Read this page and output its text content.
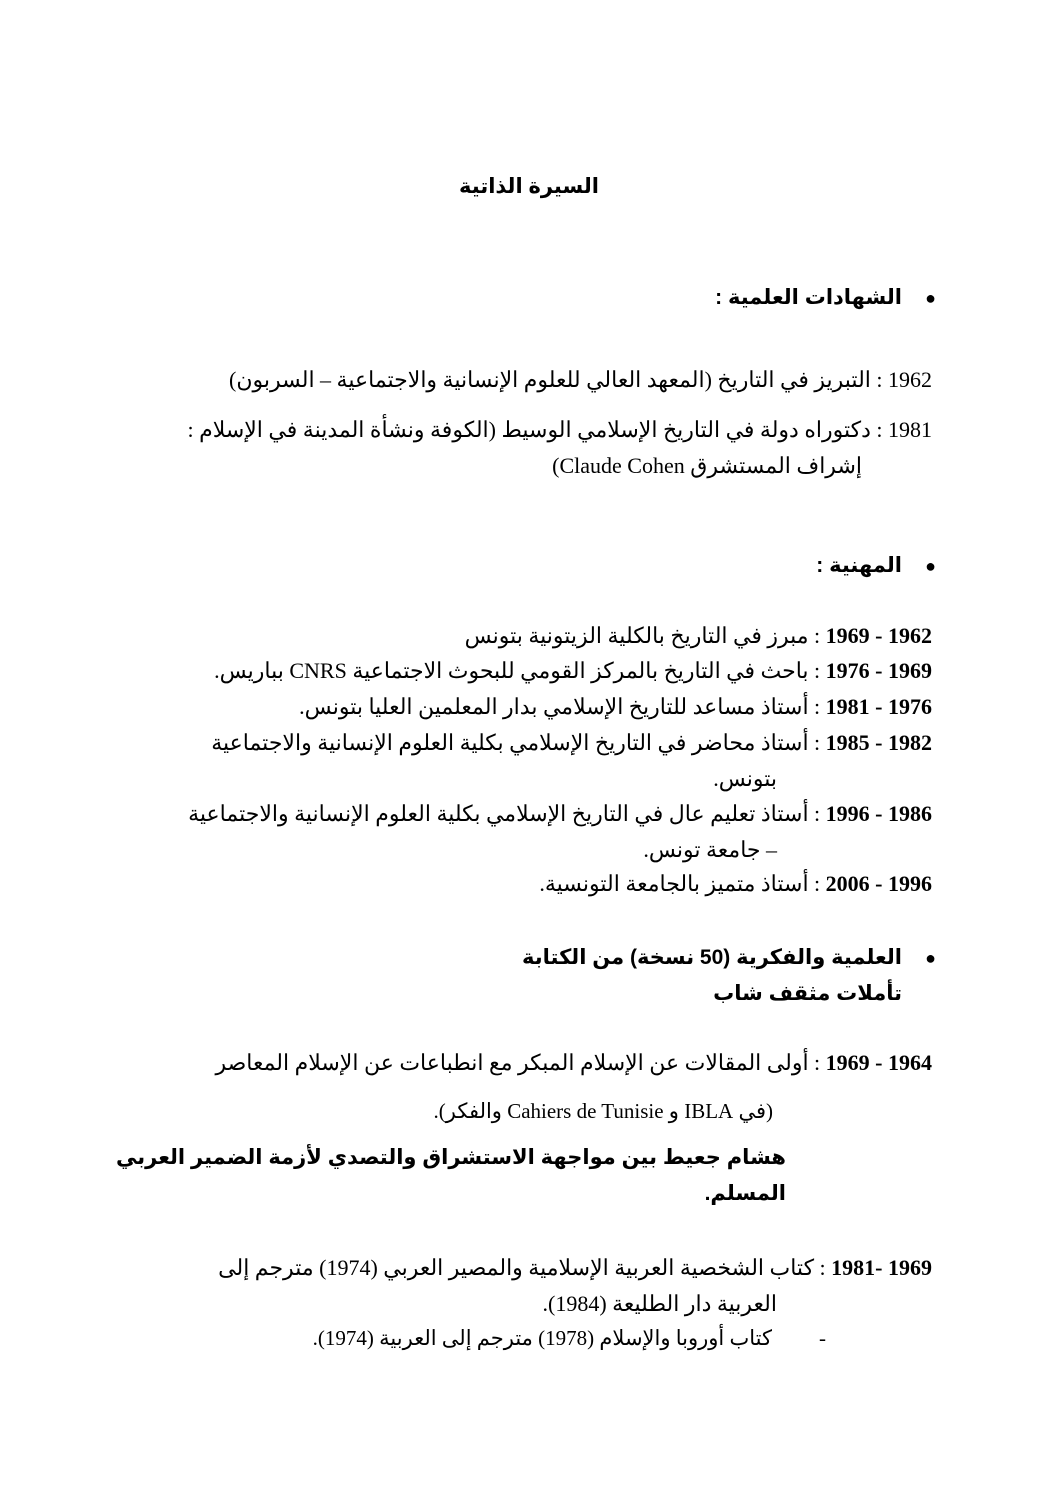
السيرة الذاتية
●
الشهادات العلمية :
1962 : التبريز في التاريخ (المعهد العالي للعلوم الإنسانية والاجتماعية – السربون)
1981 : دكتوراه دولة في التاريخ الإسلامي الوسيط (الكوفة ونشأة المدينة في الإسلام :
إشراف المستشرق Claude Cohen)
●
المهنية :
1962 - 1969 : مبرز في التاريخ بالكلية الزيتونية بتونس
1969 - 1976 : باحث في التاريخ بالمركز القومي للبحوث الاجتماعية CNRS بباريس.
1976 - 1981 : أستاذ مساعد للتاريخ الإسلامي بدار المعلمين العليا بتونس.
1982 - 1985 : أستاذ محاضر في التاريخ الإسلامي بكلية العلوم الإنسانية والاجتماعية
بتونس.
1986 - 1996 : أستاذ تعليم عال في التاريخ الإسلامي بكلية العلوم الإنسانية والاجتماعية
– جامعة تونس.
1996 - 2006 : أستاذ متميز بالجامعة التونسية.
●
العلمية والفكرية (50 نسخة) من الكتابة
تأملات مثقف شاب
1964 - 1969 : أولى المقالات عن الإسلام المبكر مع انطباعات عن الإسلام المعاصر
(في IBLA و Cahiers de Tunisie والفكر).
هشام جعيط بين مواجهة الاستشراق والتصدي لأزمة الضمير العربي المسلم.
1969 -1981 : كتاب الشخصية العربية الإسلامية والمصير العربي (1974) مترجم إلى
العربية دار الطليعة (1984).
-
كتاب أوروبا والإسلام (1978) مترجم إلى العربية (1974).
